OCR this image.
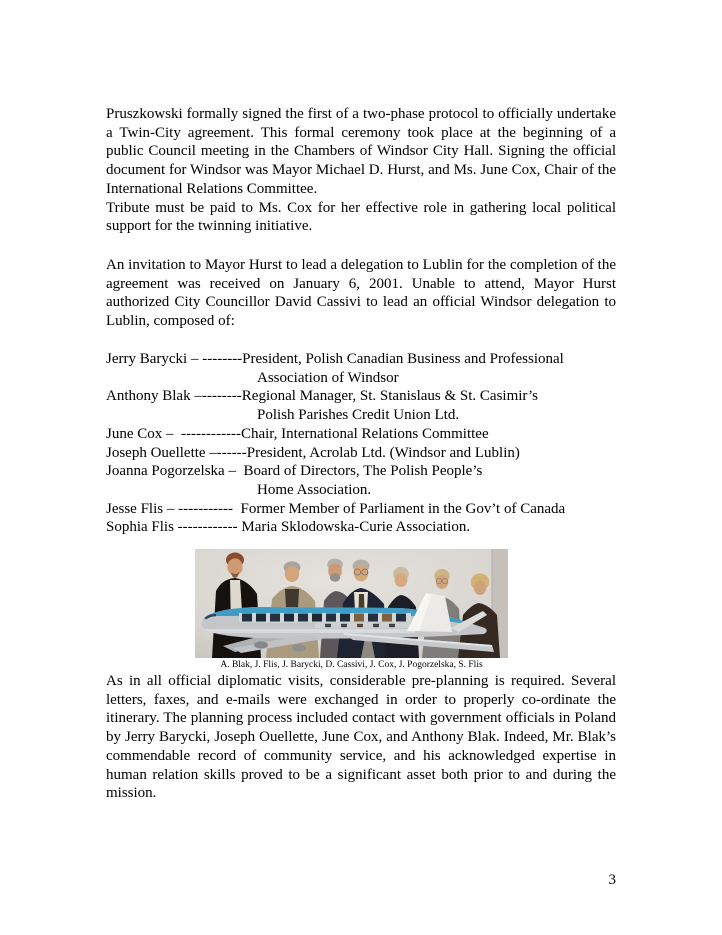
Pruszkowski formally signed the first of a two-phase protocol to officially undertake a Twin-City agreement. This formal ceremony took place at the beginning of a public Council meeting in the Chambers of Windsor City Hall. Signing the official document for Windsor was Mayor Michael D. Hurst, and Ms. June Cox, Chair of the International Relations Committee.
Tribute must be paid to Ms. Cox for her effective role in gathering local political support for the twinning initiative.

An invitation to Mayor Hurst to lead a delegation to Lublin for the completion of the agreement was received on January 6, 2001. Unable to attend, Mayor Hurst authorized City Councillor David Cassivi to lead an official Windsor delegation to Lublin, composed of:

Jerry Barycki – --------President, Polish Canadian Business and Professional
Association of Windsor
Anthony Blak –--------Regional Manager, St. Stanislaus & St. Casimir’s
Polish Parishes Credit Union Ltd.
June Cox –  ------------Chair, International Relations Committee
Joseph Ouellette –------President, Acrolab Ltd. (Windsor and Lublin)
Joanna Pogorzelska –  Board of Directors, The Polish People’s
Home Association.
Jesse Flis – -----------  Former Member of Parliament in the Gov’t of Canada
Sophia Flis ------------ Maria Sklodowska-Curie Association.
A. Blak, J. Flis, J. Barycki, D. Cassivi, J. Cox, J. Pogorzelska, S. Flis

As in all official diplomatic visits, considerable pre-planning is required. Several letters, faxes, and e-mails were exchanged in order to properly co-ordinate the itinerary. The planning process included contact with government officials in Poland by Jerry Barycki, Joseph Ouellette, June Cox, and Anthony Blak. Indeed, Mr. Blak’s commendable record of community service, and his acknowledged expertise in human relation skills proved to be a significant asset both prior to and during the mission.

3
